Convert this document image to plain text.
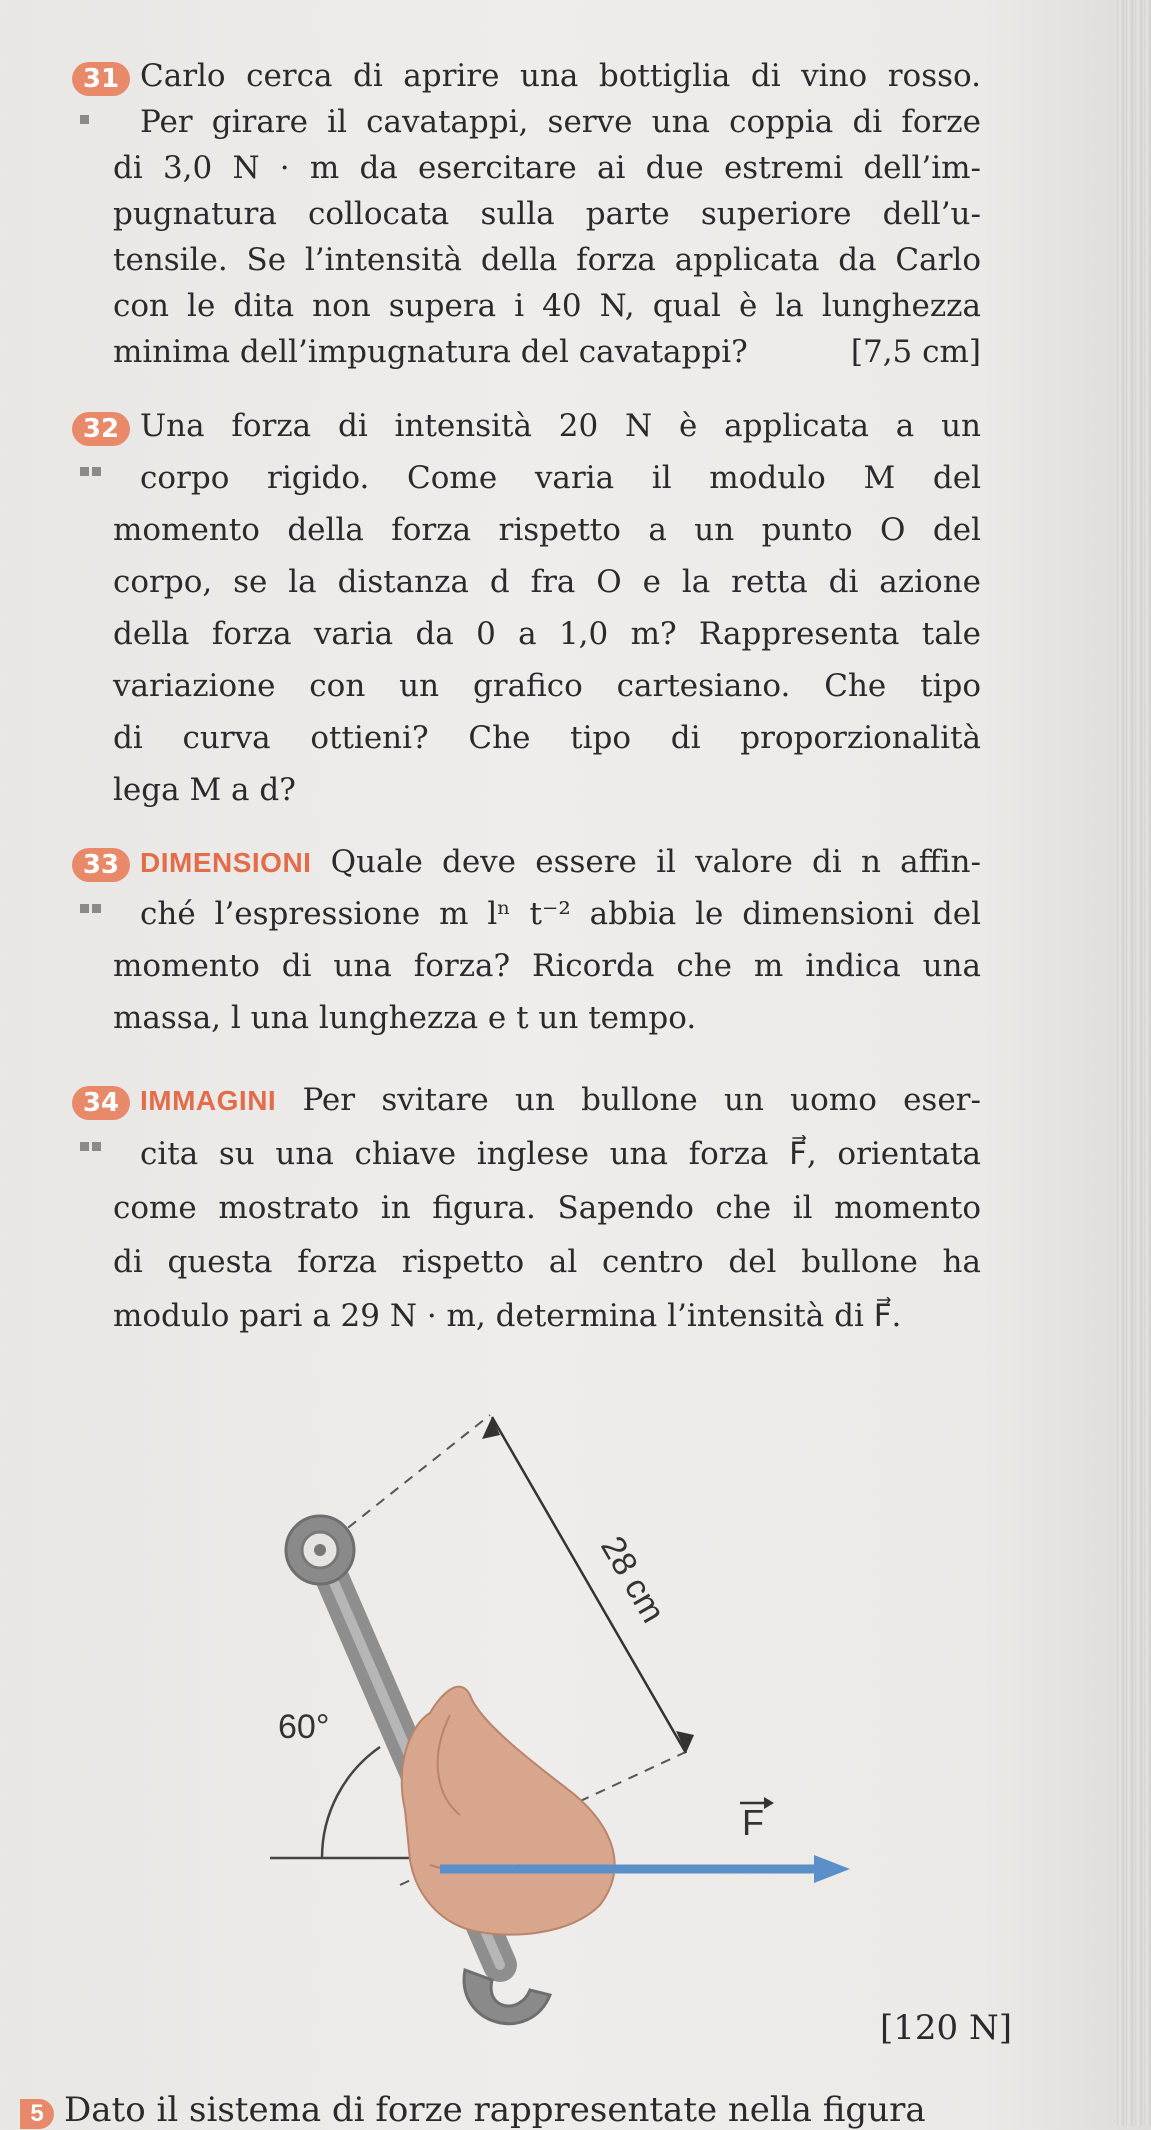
31 Carlo cerca di aprire una bottiglia di vino rosso.
Per girare il cavatappi, serve una coppia di forze
di 3,0 N · m da esercitare ai due estremi dell’im-
pugnatura collocata sulla parte superiore dell’u-
tensile. Se l’intensità della forza applicata da Carlo
con le dita non supera i 40 N, qual è la lunghezza
minima dell’impugnatura del cavatappi?	[7,5 cm]
32 Una forza di intensità 20 N è applicata a un
corpo rigido. Come varia il modulo M del
momento della forza rispetto a un punto O del
corpo, se la distanza d fra O e la retta di azione
della forza varia da 0 a 1,0 m? Rappresenta tale
variazione con un grafico cartesiano. Che tipo
di curva ottieni? Che tipo di proporzionalità
lega M a d?
33 DIMENSIONI Quale deve essere il valore di n affin-
ché l’espressione m lⁿ t⁻² abbia le dimensioni del
momento di una forza? Ricorda che m indica una
massa, l una lunghezza e t un tempo.
34 IMMAGINI Per svitare un bullone un uomo eser-
cita su una chiave inglese una forza F⃗, orientata
come mostrato in figura. Sapendo che il momento
di questa forza rispetto al centro del bullone ha
modulo pari a 29 N · m, determina l’intensità di F⃗.
28 cm
60°
F
[120 N]
5 Dato il sistema di forze rappresentate nella figura
